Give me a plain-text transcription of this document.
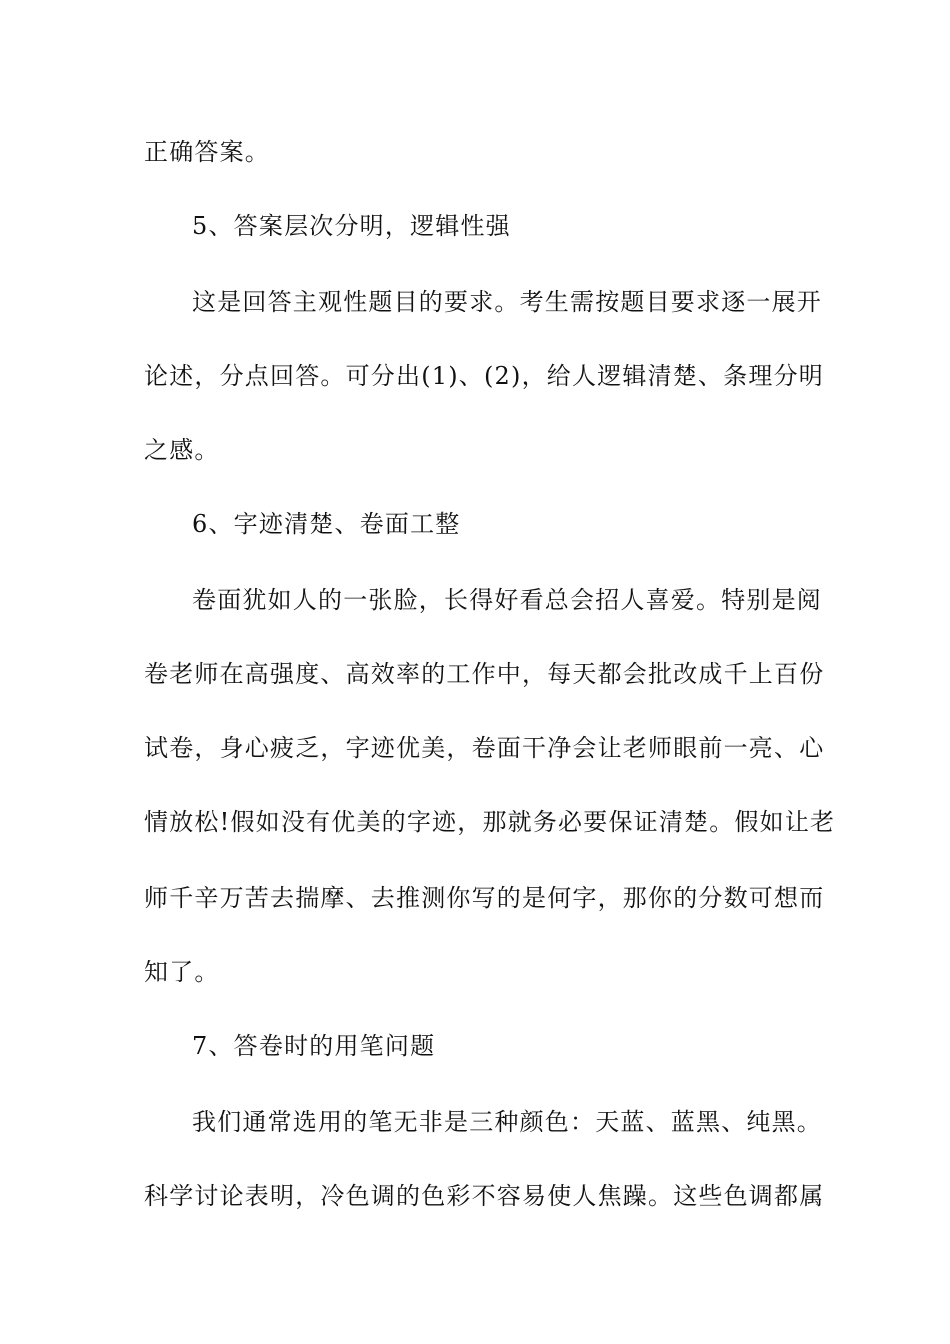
正确答案。
5、答案层次分明，逻辑性强
这是回答主观性题目的要求。考生需按题目要求逐一展开
论述，分点回答。可分出(1)、(2)，给人逻辑清楚、条理分明
之感。
6、字迹清楚、卷面工整
卷面犹如人的一张脸，长得好看总会招人喜爱。特别是阅
卷老师在高强度、高效率的工作中，每天都会批改成千上百份
试卷，身心疲乏，字迹优美，卷面干净会让老师眼前一亮、心
情放松!假如没有优美的字迹，那就务必要保证清楚。假如让老
师千辛万苦去揣摩、去推测你写的是何字，那你的分数可想而
知了。
7、答卷时的用笔问题
我们通常选用的笔无非是三种颜色：天蓝、蓝黑、纯黑。
科学讨论表明，冷色调的色彩不容易使人焦躁。这些色调都属
